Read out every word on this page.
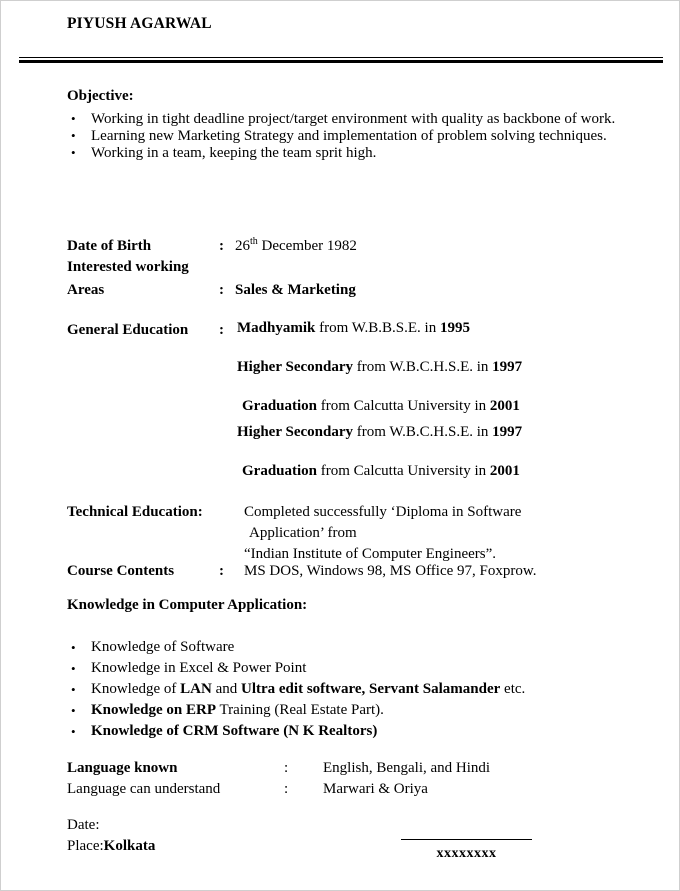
PIYUSH AGARWAL
Objective:
• Working in tight deadline project/target environment with quality as backbone of work.
• Learning new Marketing Strategy and implementation of problem solving techniques.
• Working in a team, keeping the team sprit high.
Date of Birth	: 26th December 1982
Interested working
Areas	: Sales & Marketing
General Education : Madhyamik from W.B.B.S.E. in 1995
Higher Secondary from W.B.C.H.S.E. in 1997
Graduation from Calcutta University in 2001
Higher Secondary from W.B.C.H.S.E. in 1997
Graduation from Calcutta University in 2001
Technical Education:	Completed successfully ‘Diploma in Software
Application’ from
“Indian Institute of Computer Engineers”.
Course Contents	: MS DOS, Windows 98, MS Office 97, Foxprow.
Knowledge in Computer Application:
• Knowledge of Software
• Knowledge in Excel & Power Point
• Knowledge of LAN and Ultra edit software, Servant Salamander etc.
• Knowledge on ERP Training (Real Estate Part).
• Knowledge of CRM Software (N K Realtors)
Language known	: English, Bengali, and Hindi
Language can understand	: Marwari & Oriya
Date:
Place:Kolkata	xxxxxxxx
